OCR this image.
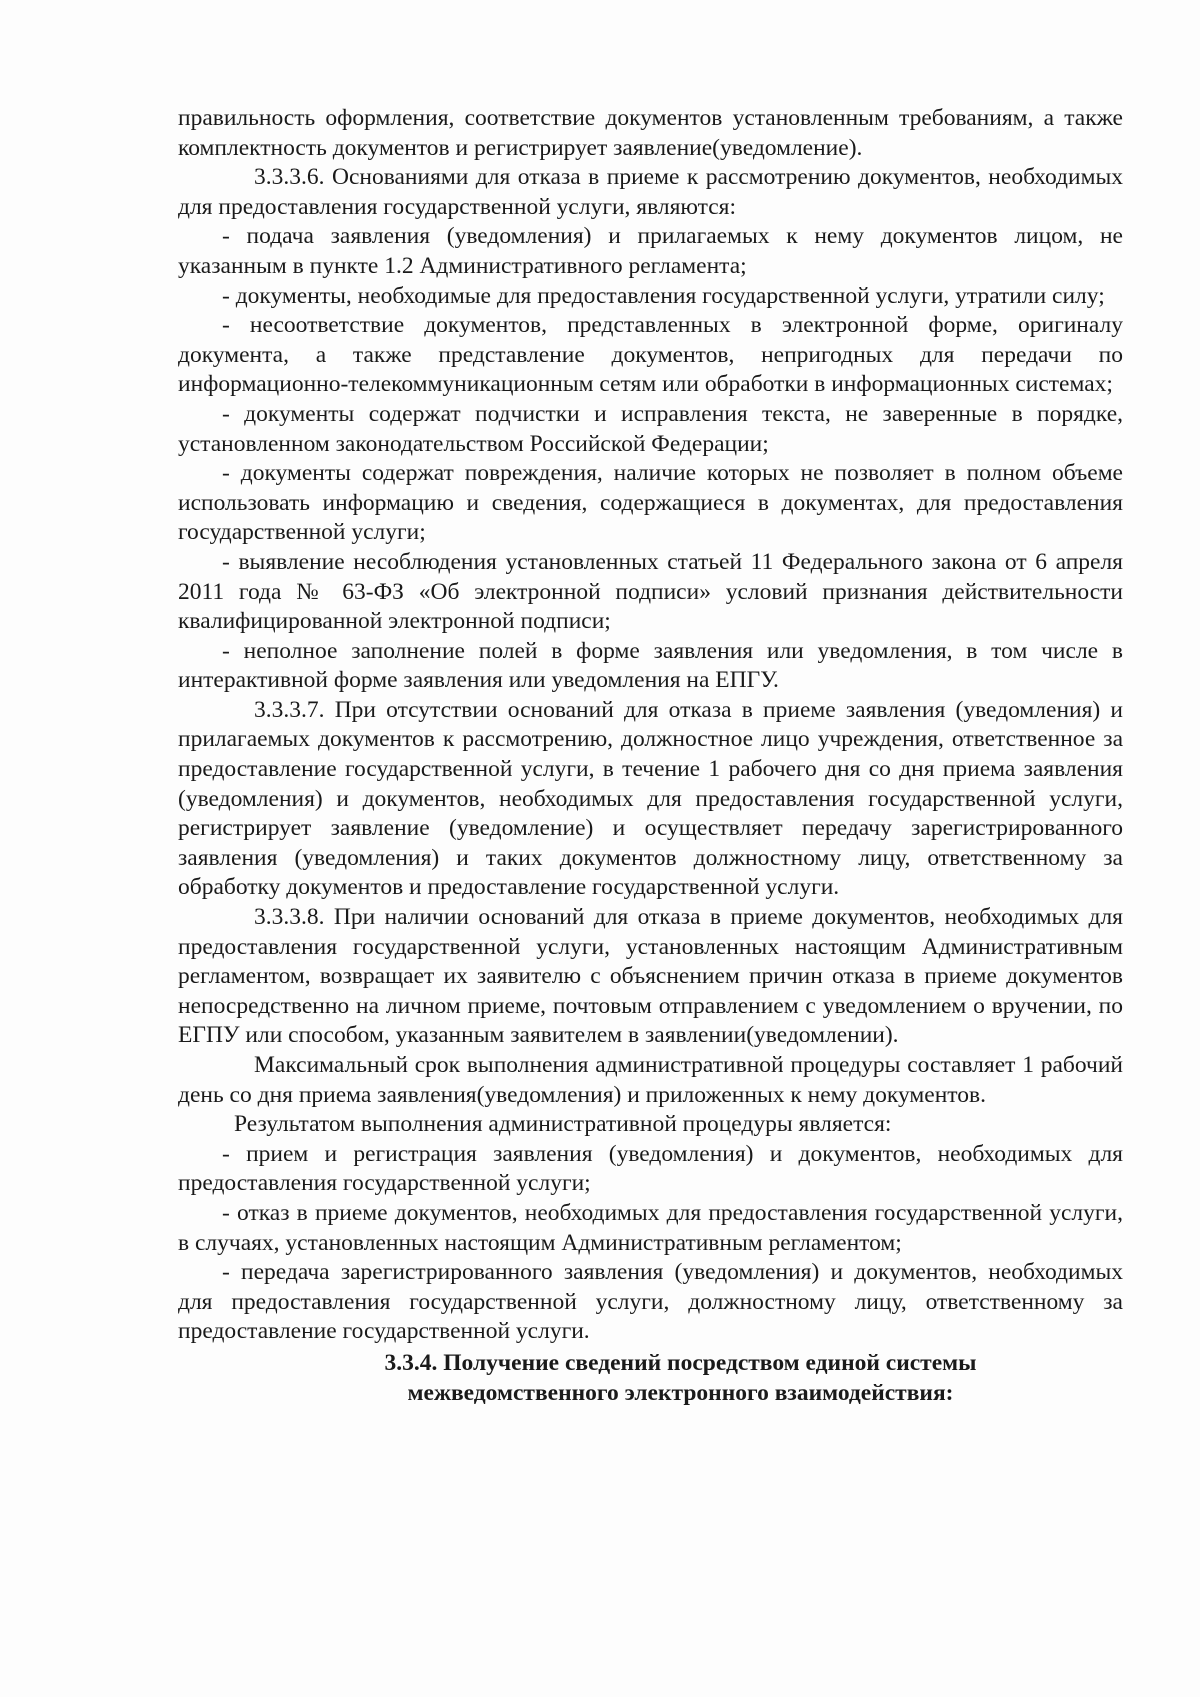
правильность оформления, соответствие документов установленным требованиям, а также комплектность документов и регистрирует заявление(уведомление).

3.3.3.6. Основаниями для отказа в приеме к рассмотрению документов, необходимых для предоставления государственной услуги, являются:

- подача заявления (уведомления) и прилагаемых к нему документов лицом, не указанным в пункте 1.2 Административного регламента;

- документы, необходимые для предоставления государственной услуги, утратили силу;

- несоответствие документов, представленных в электронной форме, оригиналу документа, а также представление документов, непригодных для передачи по информационно-телекоммуникационным сетям или обработки в информационных системах;

- документы содержат подчистки и исправления текста, не заверенные в порядке, установленном законодательством Российской Федерации;

- документы содержат повреждения, наличие которых не позволяет в полном объеме использовать информацию и сведения, содержащиеся в документах, для предоставления государственной услуги;

- выявление несоблюдения установленных статьей 11 Федерального закона от 6 апреля 2011 года № 63-ФЗ «Об электронной подписи» условий признания действительности квалифицированной электронной подписи;

- неполное заполнение полей в форме заявления или уведомления, в том числе в интерактивной форме заявления или уведомления на ЕПГУ.

3.3.3.7. При отсутствии оснований для отказа в приеме заявления (уведомления) и прилагаемых документов к рассмотрению, должностное лицо учреждения, ответственное за предоставление государственной услуги, в течение 1 рабочего дня со дня приема заявления (уведомления) и документов, необходимых для предоставления государственной услуги, регистрирует заявление (уведомление) и осуществляет передачу зарегистрированного заявления (уведомления) и таких документов должностному лицу, ответственному за обработку документов и предоставление государственной услуги.

3.3.3.8. При наличии оснований для отказа в приеме документов, необходимых для предоставления государственной услуги, установленных настоящим Административным регламентом, возвращает их заявителю с объяснением причин отказа в приеме документов непосредственно на личном приеме, почтовым отправлением с уведомлением о вручении, по ЕГПУ или способом, указанным заявителем в заявлении(уведомлении).

Максимальный срок выполнения административной процедуры составляет 1 рабочий день со дня приема заявления(уведомления) и приложенных к нему документов.

Результатом выполнения административной процедуры является:

- прием и регистрация заявления (уведомления) и документов, необходимых для предоставления государственной услуги;

- отказ в приеме документов, необходимых для предоставления государственной услуги, в случаях, установленных настоящим Административным регламентом;

- передача зарегистрированного заявления (уведомления) и документов, необходимых для предоставления государственной услуги, должностному лицу, ответственному за предоставление государственной услуги.

3.3.4. Получение сведений посредством единой системы
межведомственного электронного взаимодействия:
